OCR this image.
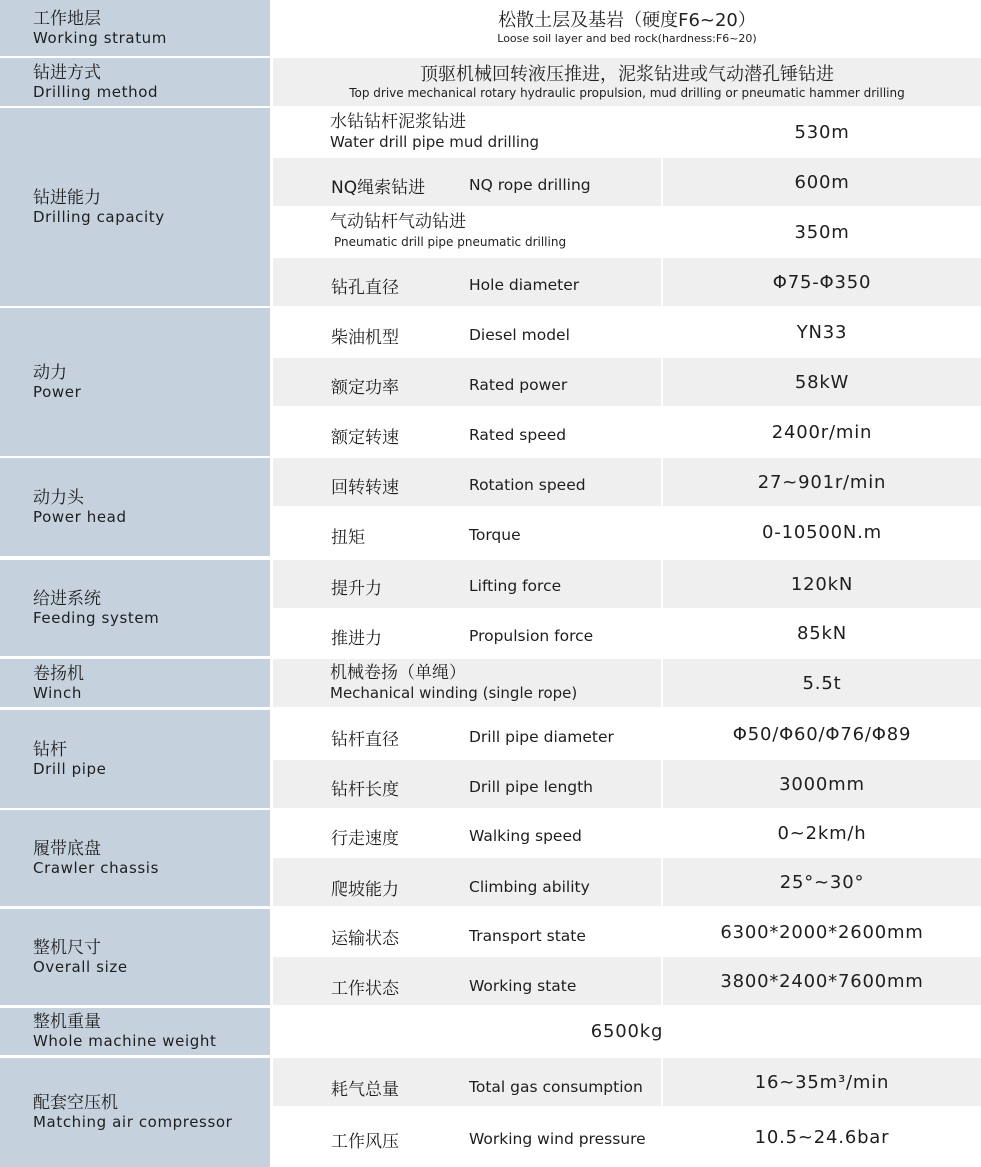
工作地层
Working stratum
松散土层及基岩（硬度F6~20）
Loose soil layer and bed rock(hardness:F6~20)
钻进方式
Drilling method
顶驱机械回转液压推进，泥浆钻进或气动潜孔锤钻进
Top drive mechanical rotary hydraulic propulsion, mud drilling or pneumatic hammer drilling
钻进能力
Drilling capacity
水钻钻杆泥浆钻进
Water drill pipe mud drilling	530m
NQ绳索钻进	NQ rope drilling	600m
气动钻杆气动钻进
Pneumatic drill pipe pneumatic drilling	350m
钻孔直径	Hole diameter	Φ75-Φ350
动力
Power
柴油机型	Diesel model	YN33
额定功率	Rated power	58kW
额定转速	Rated speed	2400r/min
动力头
Power head
回转转速	Rotation speed	27~901r/min
扭矩	Torque	0-10500N.m
给进系统
Feeding system
提升力	Lifting force	120kN
推进力	Propulsion force	85kN
卷扬机
Winch
机械卷扬（单绳）
Mechanical winding (single rope)	5.5t
钻杆
Drill pipe
钻杆直径	Drill pipe diameter	Φ50/Φ60/Φ76/Φ89
钻杆长度	Drill pipe length	3000mm
履带底盘
Crawler chassis
行走速度	Walking speed	0~2km/h
爬坡能力	Climbing ability	25°~30°
整机尺寸
Overall size
运输状态	Transport state	6300*2000*2600mm
工作状态	Working state	3800*2400*7600mm
整机重量
Whole machine weight	6500kg
配套空压机
Matching air compressor
耗气总量	Total gas consumption	16~35m³/min
工作风压	Working wind pressure	10.5~24.6bar
